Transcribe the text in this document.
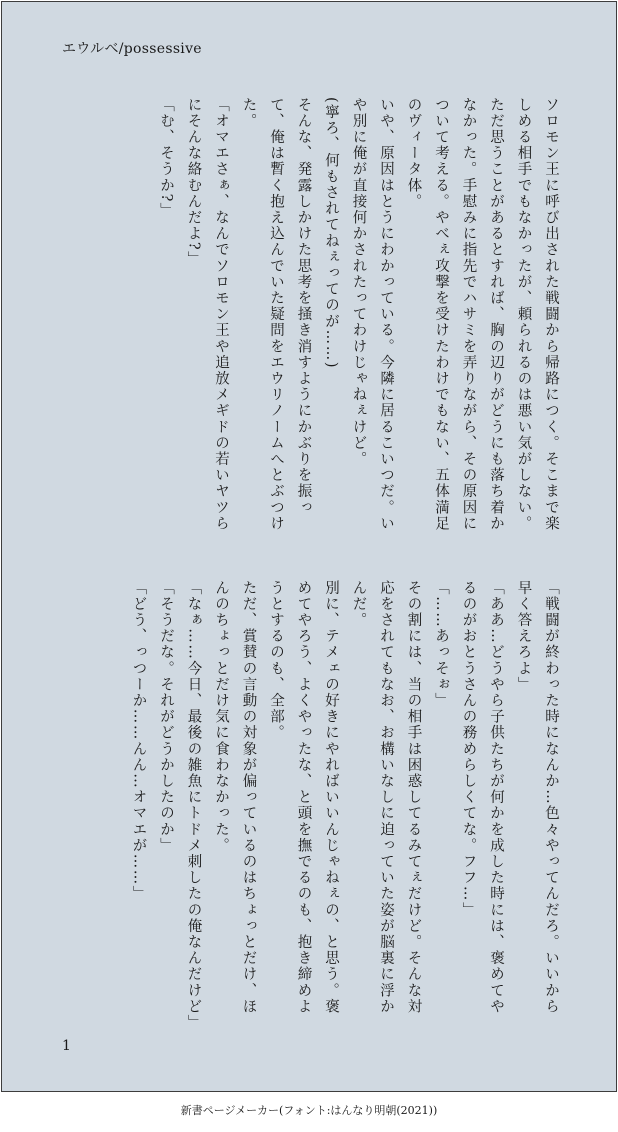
エウルベ/possessive

ソロモン王に呼び出された戦闘から帰路につく。そこまで楽しめる相手でもなかったが、頼られるのは悪い気がしない。

ただ思うことがあるとすれば、胸の辺りがどうにも落ち着かなかった。手慰みに指先でハサミを弄りながら、その原因について考える。やべぇ攻撃を受けたわけでもない、五体満足のヴィータ体。

いや、原因はとうにわかっている。今隣に居るこいつだ。いや別に俺が直接何かされたってわけじゃねぇけど。

(寧ろ、何もされてねぇってのが……)

そんな、発露しかけた思考を掻き消すようにかぶりを振って、俺は暫く抱え込んでいた疑問をエウリノームへとぶつけた。

「オマエさぁ、なんでソロモン王や追放メギドの若いヤツらにそんな絡むんだよ?」

「む、そうか?」

「戦闘が終わった時になんか…色々やってんだろ。いいから早く答えろよ」

「ああ…どうやら子供たちが何かを成した時には、褒めてやるのがおとうさんの務めらしくてな。フフ…」

「……あっそぉ」

その割には、当の相手は困惑してるみてぇだけど。そんな対応をされてもなお、お構いなしに迫っていた姿が脳裏に浮かんだ。

別に、テメェの好きにやればいいんじゃねぇの、と思う。褒めてやろう、よくやったな、と頭を撫でるのも、抱き締めようとするのも、全部。

ただ、賞賛の言動の対象が偏っているのはちょっとだけ、ほんのちょっとだけ気に食わなかった。

「なぁ……今日、最後の雑魚にトドメ刺したの俺なんだけど」

「そうだな。それがどうかしたのか」

「どう、っつーか……んん…オマエが……」

1
新書ページメーカー(フォント:はんなり明朝(2021))
